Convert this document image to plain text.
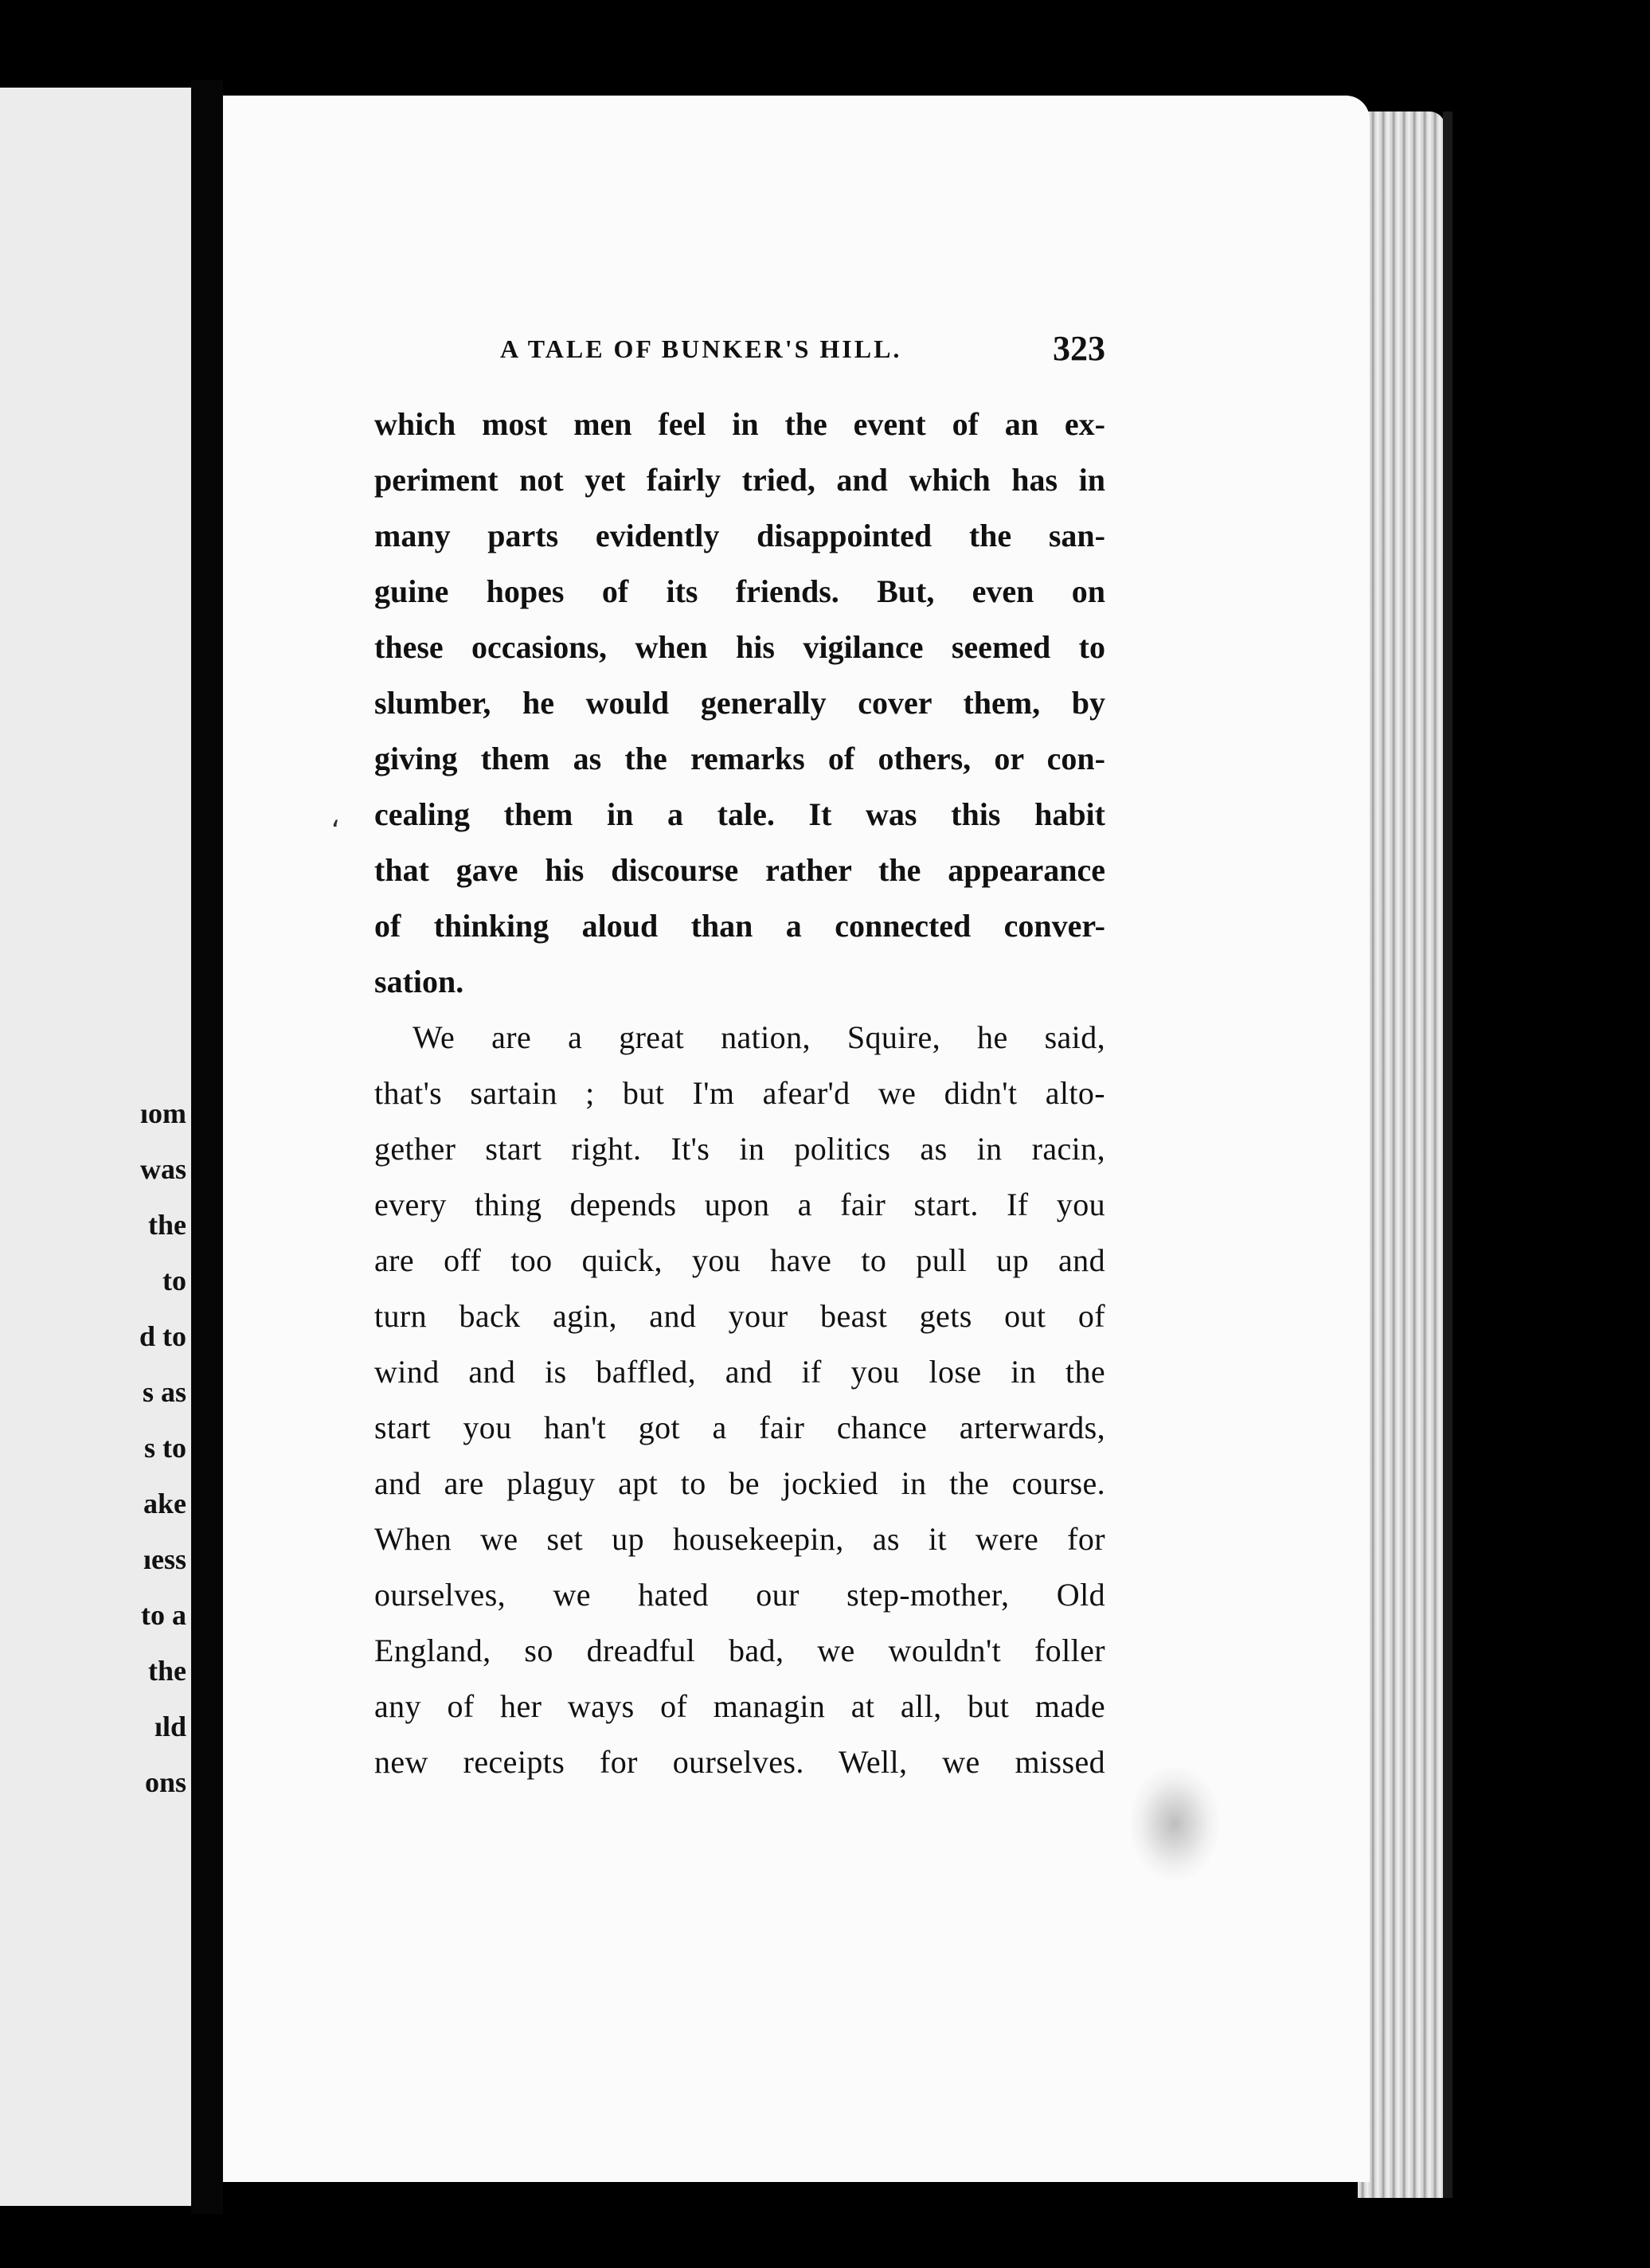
ıom
was
the
to
d to
s as
s to
ake
ıess
to a
the
ıld
ons
A TALE OF BUNKER'S HILL.	323
،
which most men feel in the event of an ex-
periment not yet fairly tried, and which has in
many parts evidently disappointed the san-
guine hopes of its friends. But, even on
these occasions, when his vigilance seemed to
slumber, he would generally cover them, by
giving them as the remarks of others, or con-
cealing them in a tale. It was this habit
that gave his discourse rather the appearance
of thinking aloud than a connected conver-
sation.
We are a great nation, Squire, he said,
that's sartain ; but I'm afear'd we didn't alto-
gether start right. It's in politics as in racin,
every thing depends upon a fair start. If you
are off too quick, you have to pull up and
turn back agin, and your beast gets out of
wind and is baffled, and if you lose in the
start you han't got a fair chance arterwards,
and are plaguy apt to be jockied in the course.
When we set up housekeepin, as it were for
ourselves, we hated our step-mother, Old
England, so dreadful bad, we wouldn't foller
any of her ways of managin at all, but made
new receipts for ourselves. Well, we missed
